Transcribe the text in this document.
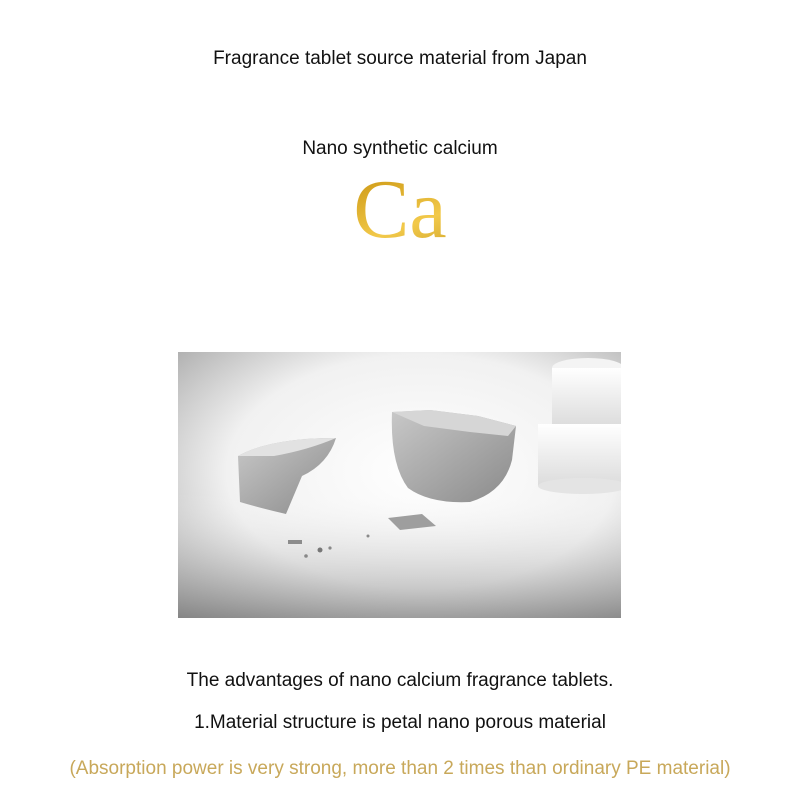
Fragrance tablet source material from Japan
Nano synthetic calcium
Ca
The advantages of nano calcium fragrance tablets.
1.Material structure is petal nano porous material
(Absorption power is very strong, more than 2 times than ordinary PE material)
